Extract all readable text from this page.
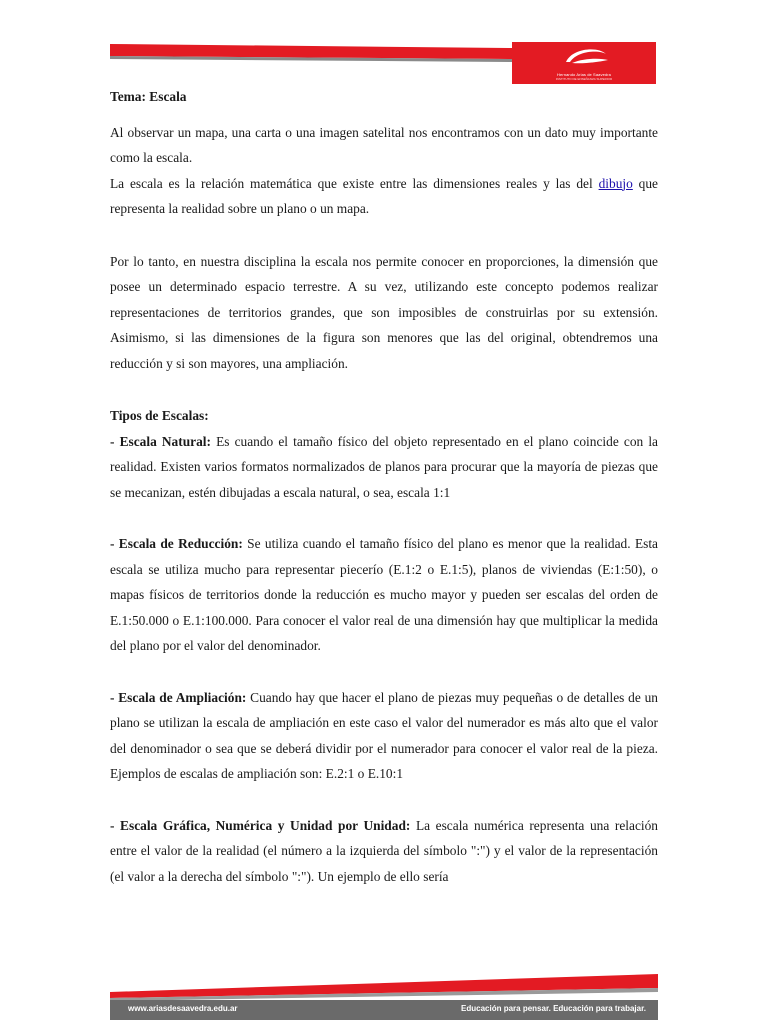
Hernando Arias de Saavedra
INSTITUTO DE ENSEÑANZA SUPERIOR

Tema: Escala

Al observar un mapa, una carta o una imagen satelital nos encontramos con un dato muy importante como la escala.

La escala es la relación matemática que existe entre las dimensiones reales y las del dibujo que representa la realidad sobre un plano o un mapa.

Por lo tanto, en nuestra disciplina la escala nos permite conocer en proporciones, la dimensión que posee un determinado espacio terrestre. A su vez, utilizando este concepto podemos realizar representaciones de territorios grandes, que son imposibles de construirlas por su extensión. Asimismo, si las dimensiones de la figura son menores que las del original, obtendremos una reducción y si son mayores, una ampliación.

Tipos de Escalas:

- Escala Natural: Es cuando el tamaño físico del objeto representado en el plano coincide con la realidad. Existen varios formatos normalizados de planos para procurar que la mayoría de piezas que se mecanizan, estén dibujadas a escala natural, o sea, escala 1:1

- Escala de Reducción: Se utiliza cuando el tamaño físico del plano es menor que la realidad. Esta escala se utiliza mucho para representar piecerío (E.1:2 o E.1:5), planos de viviendas (E:1:50), o mapas físicos de territorios donde la reducción es mucho mayor y pueden ser escalas del orden de E.1:50.000 o E.1:100.000. Para conocer el valor real de una dimensión hay que multiplicar la medida del plano por el valor del denominador.

- Escala de Ampliación: Cuando hay que hacer el plano de piezas muy pequeñas o de detalles de un plano se utilizan la escala de ampliación en este caso el valor del numerador es más alto que el valor del denominador o sea que se deberá dividir por el numerador para conocer el valor real de la pieza. Ejemplos de escalas de ampliación son: E.2:1 o E.10:1

- Escala Gráfica, Numérica y Unidad por Unidad: La escala numérica representa una relación entre el valor de la realidad (el número a la izquierda del símbolo ":") y el valor de la representación (el valor a la derecha del símbolo ":"). Un ejemplo de ello sería

www.ariasdesaavedra.edu.ar	Educación para pensar. Educación para trabajar.
